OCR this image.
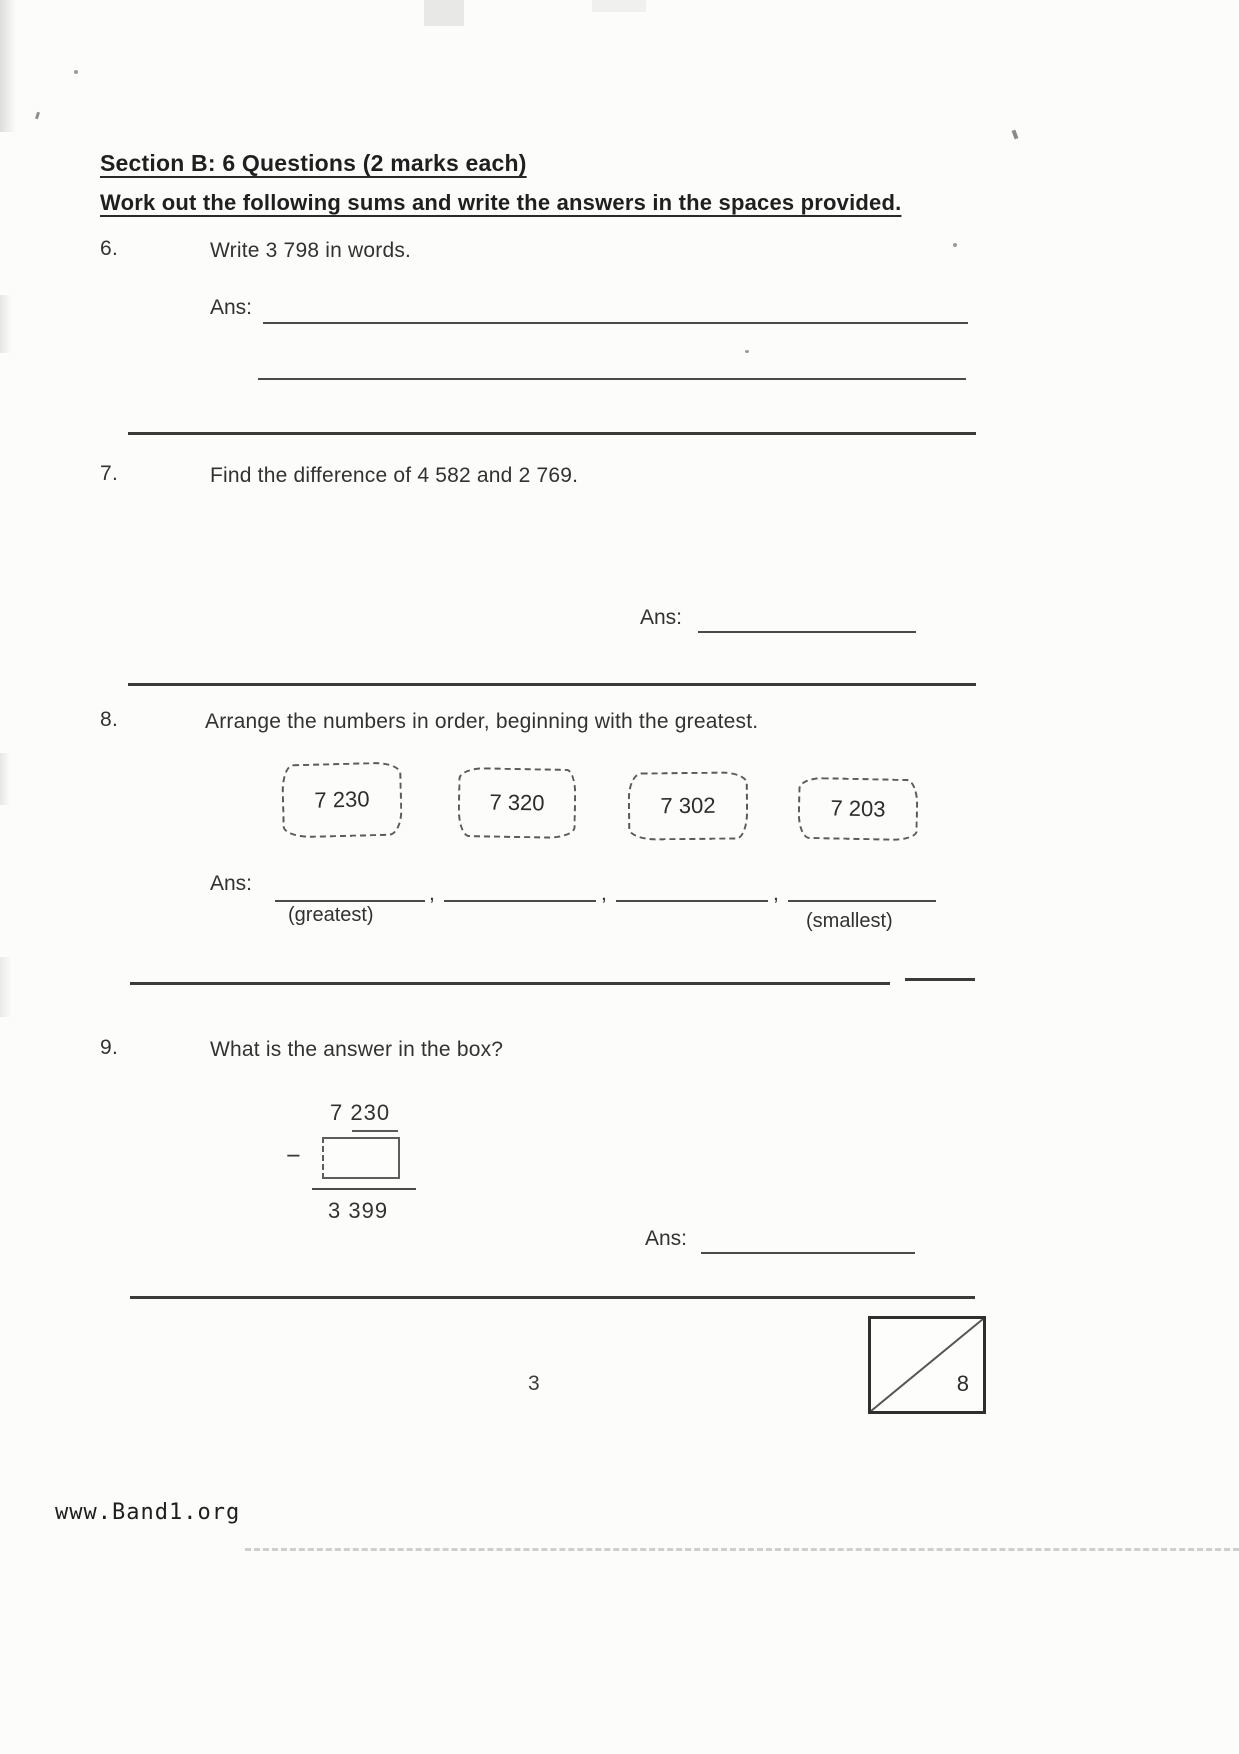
Section B: 6 Questions (2 marks each)
Work out the following sums and write the answers in the spaces provided.
6.	Write 3 798 in words.
Ans:
7.	Find the difference of 4 582 and 2 769.
Ans:
8.	Arrange the numbers in order, beginning with the greatest.
7 230	7 320	7 302	7 203
Ans:	,	,	,
(greatest)	(smallest)
9.	What is the answer in the box?
7 230
−
3 399
Ans:
8
3
www.Band1.org
